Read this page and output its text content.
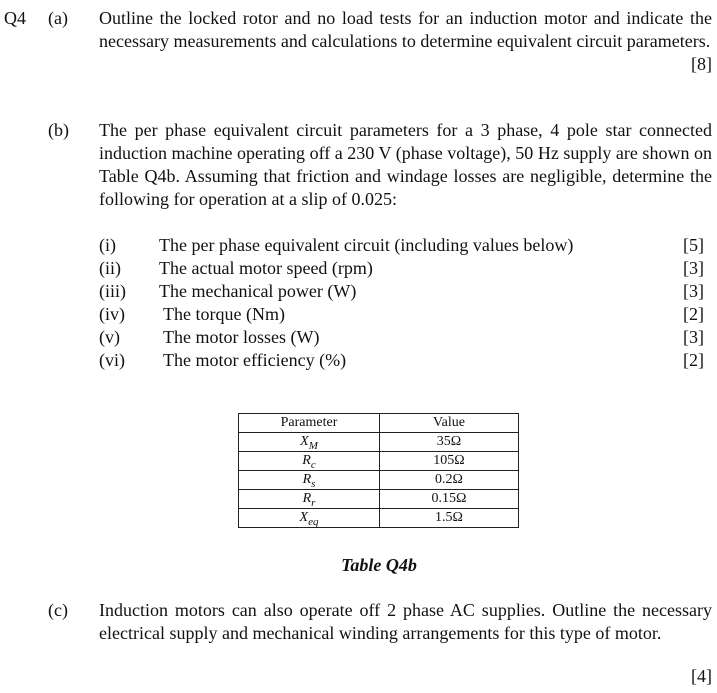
Q4 (a) Outline the locked rotor and no load tests for an induction motor and indicate the necessary measurements and calculations to determine equivalent circuit parameters.
[8]
(b) The per phase equivalent circuit parameters for a 3 phase, 4 pole star connected induction machine operating off a 230 V (phase voltage), 50 Hz supply are shown on Table Q4b. Assuming that friction and windage losses are negligible, determine the following for operation at a slip of 0.025:
(i) The per phase equivalent circuit (including values below)	[5]
(ii) The actual motor speed (rpm)	[3]
(iii) The mechanical power (W)	[3]
(iv) The torque (Nm)	[2]
(v) The motor losses (W)	[3]
(vi) The motor efficiency (%)	[2]
Parameter	Value
$X_M$	35Ω
$R_c$	105Ω
$R_s$	0.2Ω
$R_r$	0.15Ω
$X_{eq}$	1.5Ω
Table Q4b
(c) Induction motors can also operate off 2 phase AC supplies. Outline the necessary electrical supply and mechanical winding arrangements for this type of motor.
[4]
